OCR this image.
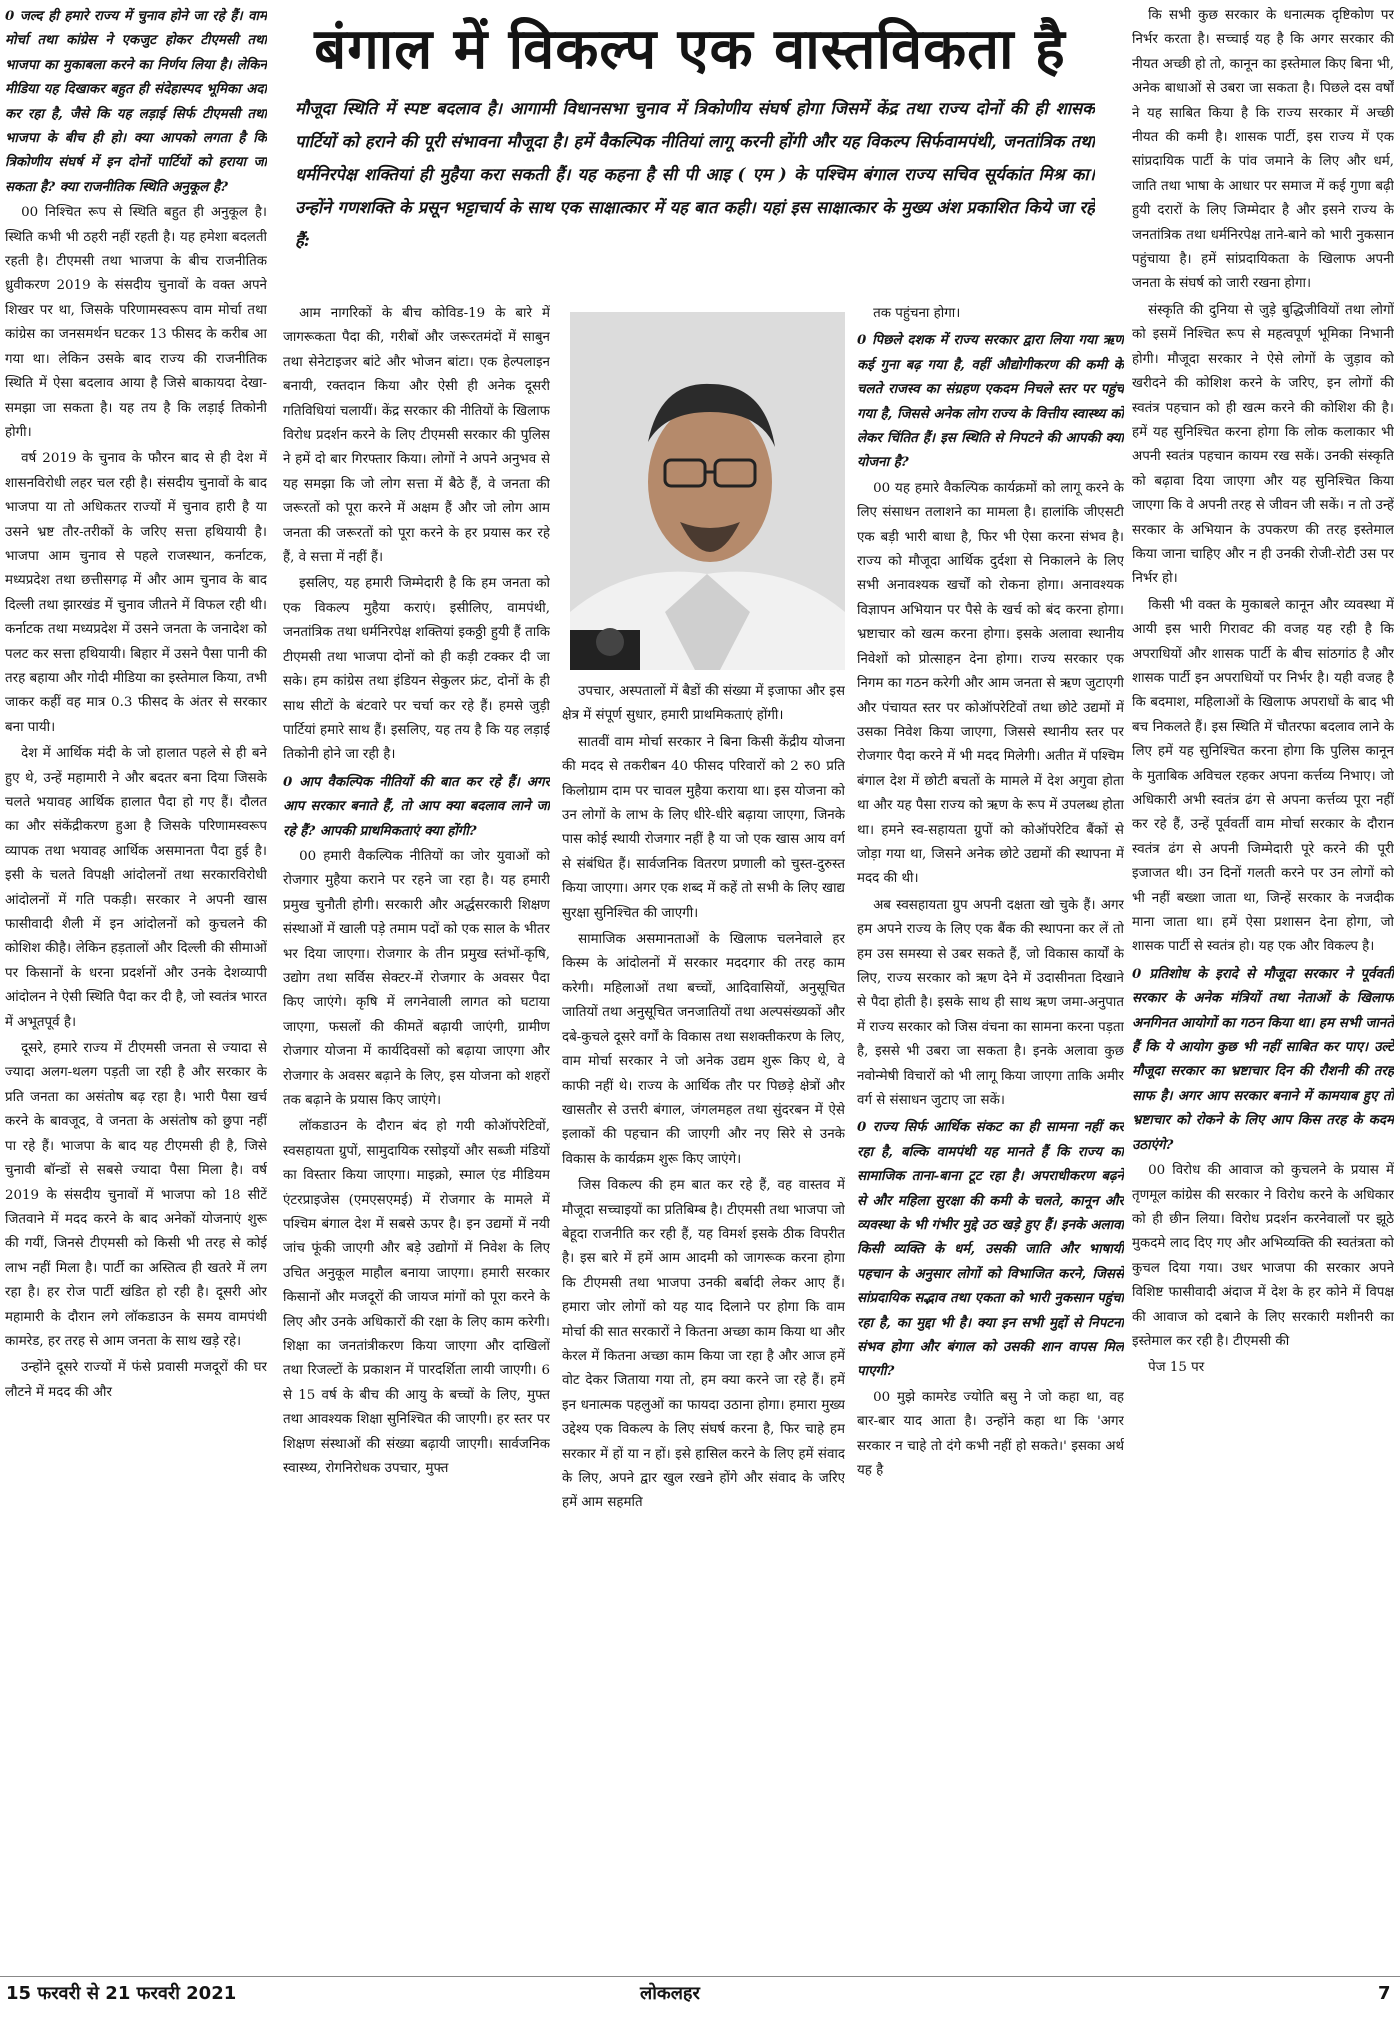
बंगाल में विकल्प एक वास्तविकता है
मौजूदा स्थिति में स्पष्ट बदलाव है। आगामी विधानसभा चुनाव में त्रिकोणीय संघर्ष होगा जिसमें केंद्र तथा राज्य दोनों की ही शासक पार्टियों को हराने की पूरी संभावना मौजूदा है। हमें वैकल्पिक नीतियां लागू करनी होंगी और यह विकल्प सिर्फवामपंथी, जनतांत्रिक तथा धर्मनिरपेक्ष शक्तियां ही मुहैया करा सकती हैं। यह कहना है सी पी आइ ( एम ) के पश्चिम बंगाल राज्य सचिव सूर्यकांत मिश्र का। उन्होंने गणशक्ति के प्रसून भट्टाचार्य के साथ एक साक्षात्कार में यह बात कही। यहां इस साक्षात्कार के मुख्य अंश प्रकाशित किये जा रहे हैं:

0 जल्द ही हमारे राज्य में चुनाव होने जा रहे हैं। वाम मोर्चा तथा कांग्रेस ने एकजुट होकर टीएमसी तथा भाजपा का मुकाबला करने का निर्णय लिया है। लेकिन मीडिया यह दिखाकर बहुत ही संदेहास्पद भूमिका अदा कर रहा है, जैसे कि यह लड़ाई सिर्फ टीएमसी तथा भाजपा के बीच ही हो। क्या आपको लगता है कि त्रिकोणीय संघर्ष में इन दोनों पार्टियों को हराया जा सकता है? क्या राजनीतिक स्थिति अनुकूल है?

00 निश्चित रूप से स्थिति बहुत ही अनुकूल है। स्थिति कभी भी ठहरी नहीं रहती है। यह हमेशा बदलती रहती है। टीएमसी तथा भाजपा के बीच राजनीतिक ध्रुवीकरण 2019 के संसदीय चुनावों के वक्त अपने शिखर पर था, जिसके परिणामस्वरूप वाम मोर्चा तथा कांग्रेस का जनसमर्थन घटकर 13 फीसद के करीब आ गया था। लेकिन उसके बाद राज्य की राजनीतिक स्थिति में ऐसा बदलाव आया है जिसे बाकायदा देखा-समझा जा सकता है। यह तय है कि लड़ाई तिकोनी होगी।

वर्ष 2019 के चुनाव के फौरन बाद से ही देश में शासनविरोधी लहर चल रही है। संसदीय चुनावों के बाद भाजपा या तो अधिकतर राज्यों में चुनाव हारी है या उसने भ्रष्ट तौर-तरीकों के जरिए सत्ता हथियायी है। भाजपा आम चुनाव से पहले राजस्थान, कर्नाटक, मध्यप्रदेश तथा छत्तीसगढ़ में और आम चुनाव के बाद दिल्ली तथा झारखंड में चुनाव जीतने में विफल रही थी। कर्नाटक तथा मध्यप्रदेश में उसने जनता के जनादेश को पलट कर सत्ता हथियायी। बिहार में उसने पैसा पानी की तरह बहाया और गोदी मीडिया का इस्तेमाल किया, तभी जाकर कहीं वह मात्र 0.3 फीसद के अंतर से सरकार बना पायी।

देश में आर्थिक मंदी के जो हालात पहले से ही बने हुए थे, उन्हें महामारी ने और बदतर बना दिया जिसके चलते भयावह आर्थिक हालात पैदा हो गए हैं। दौलत का और संकेंद्रीकरण हुआ है जिसके परिणामस्वरूप व्यापक तथा भयावह आर्थिक असमानता पैदा हुई है। इसी के चलते विपक्षी आंदोलनों तथा सरकारविरोधी आंदोलनों में गति पकड़ी। सरकार ने अपनी खास फासीवादी शैली में इन आंदोलनों को कुचलने की कोशिश कीहै। लेकिन हड़तालों और दिल्ली की सीमाओं पर किसानों के धरना प्रदर्शनों और उनके देशव्यापी आंदोलन ने ऐसी स्थिति पैदा कर दी है, जो स्वतंत्र भारत में अभूतपूर्व है।

दूसरे, हमारे राज्य में टीएमसी जनता से ज्यादा से ज्यादा अलग-थलग पड़ती जा रही है और सरकार के प्रति जनता का असंतोष बढ़ रहा है। भारी पैसा खर्च करने के बावजूद, वे जनता के असंतोष को छुपा नहीं पा रहे हैं। भाजपा के बाद यह टीएमसी ही है, जिसे चुनावी बॉन्डों से सबसे ज्यादा पैसा मिला है। वर्ष 2019 के संसदीय चुनावों में भाजपा को 18 सीटें जितवाने में मदद करने के बाद अनेकों योजनाएं शुरू की गयीं, जिनसे टीएमसी को किसी भी तरह से कोई लाभ नहीं मिला है। पार्टी का अस्तित्व ही खतरे में लग रहा है। हर रोज पार्टी खंडित हो रही है। दूसरी ओर महामारी के दौरान लगे लॉकडाउन के समय वामपंथी कामरेड, हर तरह से आम जनता के साथ खड़े रहे।

उन्होंने दूसरे राज्यों में फंसे प्रवासी मजदूरों की घर लौटने में मदद की और

आम नागरिकों के बीच कोविड-19 के बारे में जागरूकता पैदा की, गरीबों और जरूरतमंदों में साबुन तथा सेनेटाइजर बांटे और भोजन बांटा। एक हेल्पलाइन बनायी, रक्तदान किया और ऐसी ही अनेक दूसरी गतिविधियां चलायीं। केंद्र सरकार की नीतियों के खिलाफ विरोध प्रदर्शन करने के लिए टीएमसी सरकार की पुलिस ने हमें दो बार गिरफ्तार किया। लोगों ने अपने अनुभव से यह समझा कि जो लोग सत्ता में बैठे हैं, वे जनता की जरूरतों को पूरा करने में अक्षम हैं और जो लोग आम जनता की जरूरतों को पूरा करने के हर प्रयास कर रहे हैं, वे सत्ता में नहीं हैं।

इसलिए, यह हमारी जिम्मेदारी है कि हम जनता को एक विकल्प मुहैया कराएं। इसीलिए, वामपंथी, जनतांत्रिक तथा धर्मनिरपेक्ष शक्तियां इकठ्ठी हुयी हैं ताकि टीएमसी तथा भाजपा दोनों को ही कड़ी टक्कर दी जा सके। हम कांग्रेस तथा इंडियन सेकुलर फ्रंट, दोनों के ही साथ सीटों के बंटवारे पर चर्चा कर रहे हैं। हमसे जुड़ी पार्टियां हमारे साथ हैं। इसलिए, यह तय है कि यह लड़ाई तिकोनी होने जा रही है।

0 आप वैकल्पिक नीतियों की बात कर रहे हैं। अगर आप सरकार बनाते हैं, तो आप क्या बदलाव लाने जा रहे हैं? आपकी प्राथमिकताएं क्या होंगी?

00 हमारी वैकल्पिक नीतियों का जोर युवाओं को रोजगार मुहैया कराने पर रहने जा रहा है। यह हमारी प्रमुख चुनौती होगी। सरकारी और अर्द्धसरकारी शिक्षण संस्थाओं में खाली पड़े तमाम पदों को एक साल के भीतर भर दिया जाएगा। रोजगार के तीन प्रमुख स्तंभों-कृषि, उद्योग तथा सर्विस सेक्टर-में रोजगार के अवसर पैदा किए जाएंगे। कृषि में लगनेवाली लागत को घटाया जाएगा, फसलों की कीमतें बढ़ायी जाएंगी, ग्रामीण रोजगार योजना में कार्यदिवसों को बढ़ाया जाएगा और रोजगार के अवसर बढ़ाने के लिए, इस योजना को शहरों तक बढ़ाने के प्रयास किए जाएंगे।

लॉकडाउन के दौरान बंद हो गयी कोऑपरेटिवों, स्वसहायता ग्रुपों, सामुदायिक रसोइयों और सब्जी मंडियों का विस्तार किया जाएगा। माइक्रो, स्माल एंड मीडियम एंटरप्राइजेस (एमएसएमई) में रोजगार के मामले में पश्चिम बंगाल देश में सबसे ऊपर है। इन उद्यमों में नयी जांच फूंकी जाएगी और बड़े उद्योगों में निवेश के लिए उचित अनुकूल माहौल बनाया जाएगा। हमारी सरकार किसानों और मजदूरों की जायज मांगों को पूरा करने के लिए और उनके अधिकारों की रक्षा के लिए काम करेगी। शिक्षा का जनतांत्रीकरण किया जाएगा और दाखिलों तथा रिजल्टों के प्रकाशन में पारदर्शिता लायी जाएगी। 6 से 15 वर्ष के बीच की आयु के बच्चों के लिए, मुफ्त तथा आवश्यक शिक्षा सुनिश्चित की जाएगी। हर स्तर पर शिक्षण संस्थाओं की संख्या बढ़ायी जाएगी। सार्वजनिक स्वास्थ्य, रोगनिरोधक उपचार, मुफ्त

उपचार, अस्पतालों में बैडों की संख्या में इजाफा और इस क्षेत्र में संपूर्ण सुधार, हमारी प्राथमिकताएं होंगी।

सातवीं वाम मोर्चा सरकार ने बिना किसी केंद्रीय योजना की मदद से तकरीबन 40 फीसद परिवारों को 2 रु0 प्रति किलोग्राम दाम पर चावल मुहैया कराया था। इस योजना को उन लोगों के लाभ के लिए धीरे-धीरे बढ़ाया जाएगा, जिनके पास कोई स्थायी रोजगार नहीं है या जो एक खास आय वर्ग से संबंधित हैं। सार्वजनिक वितरण प्रणाली को चुस्त-दुरुस्त किया जाएगा। अगर एक शब्द में कहें तो सभी के लिए खाद्य सुरक्षा सुनिश्चित की जाएगी।

सामाजिक असमानताओं के खिलाफ चलनेवाले हर किस्म के आंदोलनों में सरकार मददगार की तरह काम करेगी। महिलाओं तथा बच्चों, आदिवासियों, अनुसूचित जातियों तथा अनुसूचित जनजातियों तथा अल्पसंख्यकों और दबे-कुचले दूसरे वर्गों के विकास तथा सशक्तीकरण के लिए, वाम मोर्चा सरकार ने जो अनेक उद्यम शुरू किए थे, वे काफी नहीं थे। राज्य के आर्थिक तौर पर पिछड़े क्षेत्रों और खासतौर से उत्तरी बंगाल, जंगलमहल तथा सुंदरबन में ऐसे इलाकों की पहचान की जाएगी और नए सिरे से उनके विकास के कार्यक्रम शुरू किए जाएंगे।

जिस विकल्प की हम बात कर रहे हैं, वह वास्तव में मौजूदा सच्चाइयों का प्रतिबिम्ब है। टीएमसी तथा भाजपा जो बेहूदा राजनीति कर रही हैं, यह विमर्श इसके ठीक विपरीत है। इस बारे में हमें आम आदमी को जागरूक करना होगा कि टीएमसी तथा भाजपा उनकी बर्बादी लेकर आए हैं। हमारा जोर लोगों को यह याद दिलाने पर होगा कि वाम मोर्चा की सात सरकारों ने कितना अच्छा काम किया था और केरल में कितना अच्छा काम किया जा रहा है और आज हमें वोट देकर जिताया गया तो, हम क्या करने जा रहे हैं। हमें इन धनात्मक पहलुओं का फायदा उठाना होगा। हमारा मुख्य उद्देश्य एक विकल्प के लिए संघर्ष करना है, फिर चाहे हम सरकार में हों या न हों। इसे हासिल करने के लिए हमें संवाद के लिए, अपने द्वार खुल रखने होंगे और संवाद के जरिए हमें आम सहमति

तक पहुंचना होगा।

0 पिछले दशक में राज्य सरकार द्वारा लिया गया ऋण कई गुना बढ़ गया है, वहीं औद्योगीकरण की कमी के चलते राजस्व का संग्रहण एकदम निचले स्तर पर पहुंच गया है, जिससे अनेक लोग राज्य के वित्तीय स्वास्थ्य को लेकर चिंतित हैं। इस स्थिति से निपटने की आपकी क्या योजना है?

00 यह हमारे वैकल्पिक कार्यक्रमों को लागू करने के लिए संसाधन तलाशने का मामला है। हालांकि जीएसटी एक बड़ी भारी बाधा है, फिर भी ऐसा करना संभव है। राज्य को मौजूदा आर्थिक दुर्दशा से निकालने के लिए सभी अनावश्यक खर्चों को रोकना होगा। अनावश्यक विज्ञापन अभियान पर पैसे के खर्च को बंद करना होगा। भ्रष्टाचार को खत्म करना होगा। इसके अलावा स्थानीय निवेशों को प्रोत्साहन देना होगा। राज्य सरकार एक निगम का गठन करेगी और आम जनता से ऋण जुटाएगी और पंचायत स्तर पर कोऑपरेटिवों तथा छोटे उद्यमों में उसका निवेश किया जाएगा, जिससे स्थानीय स्तर पर रोजगार पैदा करने में भी मदद मिलेगी। अतीत में पश्चिम बंगाल देश में छोटी बचतों के मामले में देश अगुवा होता था और यह पैसा राज्य को ऋण के रूप में उपलब्ध होता था। हमने स्व-सहायता ग्रुपों को कोऑपरेटिव बैंकों से जोड़ा गया था, जिसने अनेक छोटे उद्यमों की स्थापना में मदद की थी।

अब स्वसहायता ग्रुप अपनी दक्षता खो चुके हैं। अगर हम अपने राज्य के लिए एक बैंक की स्थापना कर लें तो हम उस समस्या से उबर सकते हैं, जो विकास कार्यों के लिए, राज्य सरकार को ऋण देने में उदासीनता दिखाने से पैदा होती है। इसके साथ ही साथ ऋण जमा-अनुपात में राज्य सरकार को जिस वंचना का सामना करना पड़ता है, इससे भी उबरा जा सकता है। इनके अलावा कुछ नवोन्मेषी विचारों को भी लागू किया जाएगा ताकि अमीर वर्ग से संसाधन जुटाए जा सकें।

0 राज्य सिर्फ आर्थिक संकट का ही सामना नहीं कर रहा है, बल्कि वामपंथी यह मानते हैं कि राज्य का सामाजिक ताना-बाना टूट रहा है। अपराधीकरण बढ़ने से और महिला सुरक्षा की कमी के चलते, कानून और व्यवस्था के भी गंभीर मुद्दे उठ खड़े हुए हैं। इनके अलावा किसी व्यक्ति के धर्म, उसकी जाति और भाषायी पहचान के अनुसार लोगों को विभाजित करने, जिससे सांप्रदायिक सद्भाव तथा एकता को भारी नुकसान पहुंचा रहा है, का मुद्दा भी है। क्या इन सभी मुद्दों से निपटना संभव होगा और बंगाल को उसकी शान वापस मिल पाएगी?

00 मुझे कामरेड ज्योति बसु ने जो कहा था, वह बार-बार याद आता है। उन्होंने कहा था कि 'अगर सरकार न चाहे तो दंगे कभी नहीं हो सकते।' इसका अर्थ यह है

कि सभी कुछ सरकार के धनात्मक दृष्टिकोण पर निर्भर करता है। सच्चाई यह है कि अगर सरकार की नीयत अच्छी हो तो, कानून का इस्तेमाल किए बिना भी, अनेक बाधाओं से उबरा जा सकता है। पिछले दस वर्षों ने यह साबित किया है कि राज्य सरकार में अच्छी नीयत की कमी है। शासक पार्टी, इस राज्य में एक सांप्रदायिक पार्टी के पांव जमाने के लिए और धर्म, जाति तथा भाषा के आधार पर समाज में कई गुणा बढ़ी हुयी दरारों के लिए जिम्मेदार है और इसने राज्य के जनतांत्रिक तथा धर्मनिरपेक्ष ताने-बाने को भारी नुकसान पहुंचाया है। हमें सांप्रदायिकता के खिलाफ अपनी जनता के संघर्ष को जारी रखना होगा।

संस्कृति की दुनिया से जुड़े बुद्धिजीवियों तथा लोगों को इसमें निश्चित रूप से महत्वपूर्ण भूमिका निभानी होगी। मौजूदा सरकार ने ऐसे लोगों के जुड़ाव को खरीदने की कोशिश करने के जरिए, इन लोगों की स्वतंत्र पहचान को ही खत्म करने की कोशिश की है। हमें यह सुनिश्चित करना होगा कि लोक कलाकार भी अपनी स्वतंत्र पहचान कायम रख सकें। उनकी संस्कृति को बढ़ावा दिया जाएगा और यह सुनिश्चित किया जाएगा कि वे अपनी तरह से जीवन जी सकें। न तो उन्हें सरकार के अभियान के उपकरण की तरह इस्तेमाल किया जाना चाहिए और न ही उनकी रोजी-रोटी उस पर निर्भर हो।

किसी भी वक्त के मुकाबले कानून और व्यवस्था में आयी इस भारी गिरावट की वजह यह रही है कि अपराधियों और शासक पार्टी के बीच सांठगांठ है और शासक पार्टी इन अपराधियों पर निर्भर है। यही वजह है कि बदमाश, महिलाओं के खिलाफ अपराधों के बाद भी बच निकलते हैं। इस स्थिति में चौतरफा बदलाव लाने के लिए हमें यह सुनिश्चित करना होगा कि पुलिस कानून के मुताबिक अविचल रहकर अपना कर्त्तव्य निभाए। जो अधिकारी अभी स्वतंत्र ढंग से अपना कर्त्तव्य पूरा नहीं कर रहे हैं, उन्हें पूर्ववर्ती वाम मोर्चा सरकार के दौरान स्वतंत्र ढंग से अपनी जिम्मेदारी पूरे करने की पूरी इजाजत थी। उन दिनों गलती करने पर उन लोगों को भी नहीं बख्शा जाता था, जिन्हें सरकार के नजदीक माना जाता था। हमें ऐसा प्रशासन देना होगा, जो शासक पार्टी से स्वतंत्र हो। यह एक और विकल्प है।

0 प्रतिशोध के इरादे से मौजूदा सरकार ने पूर्ववर्ती सरकार के अनेक मंत्रियों तथा नेताओं के खिलाफ अनगिनत आयोगों का गठन किया था। हम सभी जानते हैं कि ये आयोग कुछ भी नहीं साबित कर पाए। उल्टे मौजूदा सरकार का भ्रष्टाचार दिन की रौशनी की तरह साफ है। अगर आप सरकार बनाने में कामयाब हुए तो भ्रष्टाचार को रोकने के लिए आप किस तरह के कदम उठाएंगे?

00 विरोध की आवाज को कुचलने के प्रयास में तृणमूल कांग्रेस की सरकार ने विरोध करने के अधिकार को ही छीन लिया। विरोध प्रदर्शन करनेवालों पर झूठे मुकदमे लाद दिए गए और अभिव्यक्ति की स्वतंत्रता को कुचल दिया गया। उधर भाजपा की सरकार अपने विशिष्ट फासीवादी अंदाज में देश के हर कोने में विपक्ष की आवाज को दबाने के लिए सरकारी मशीनरी का इस्तेमाल कर रही है। टीएमसी की

पेज 15 पर

15 फरवरी से 21 फरवरी 2021	लोकलहर	7
